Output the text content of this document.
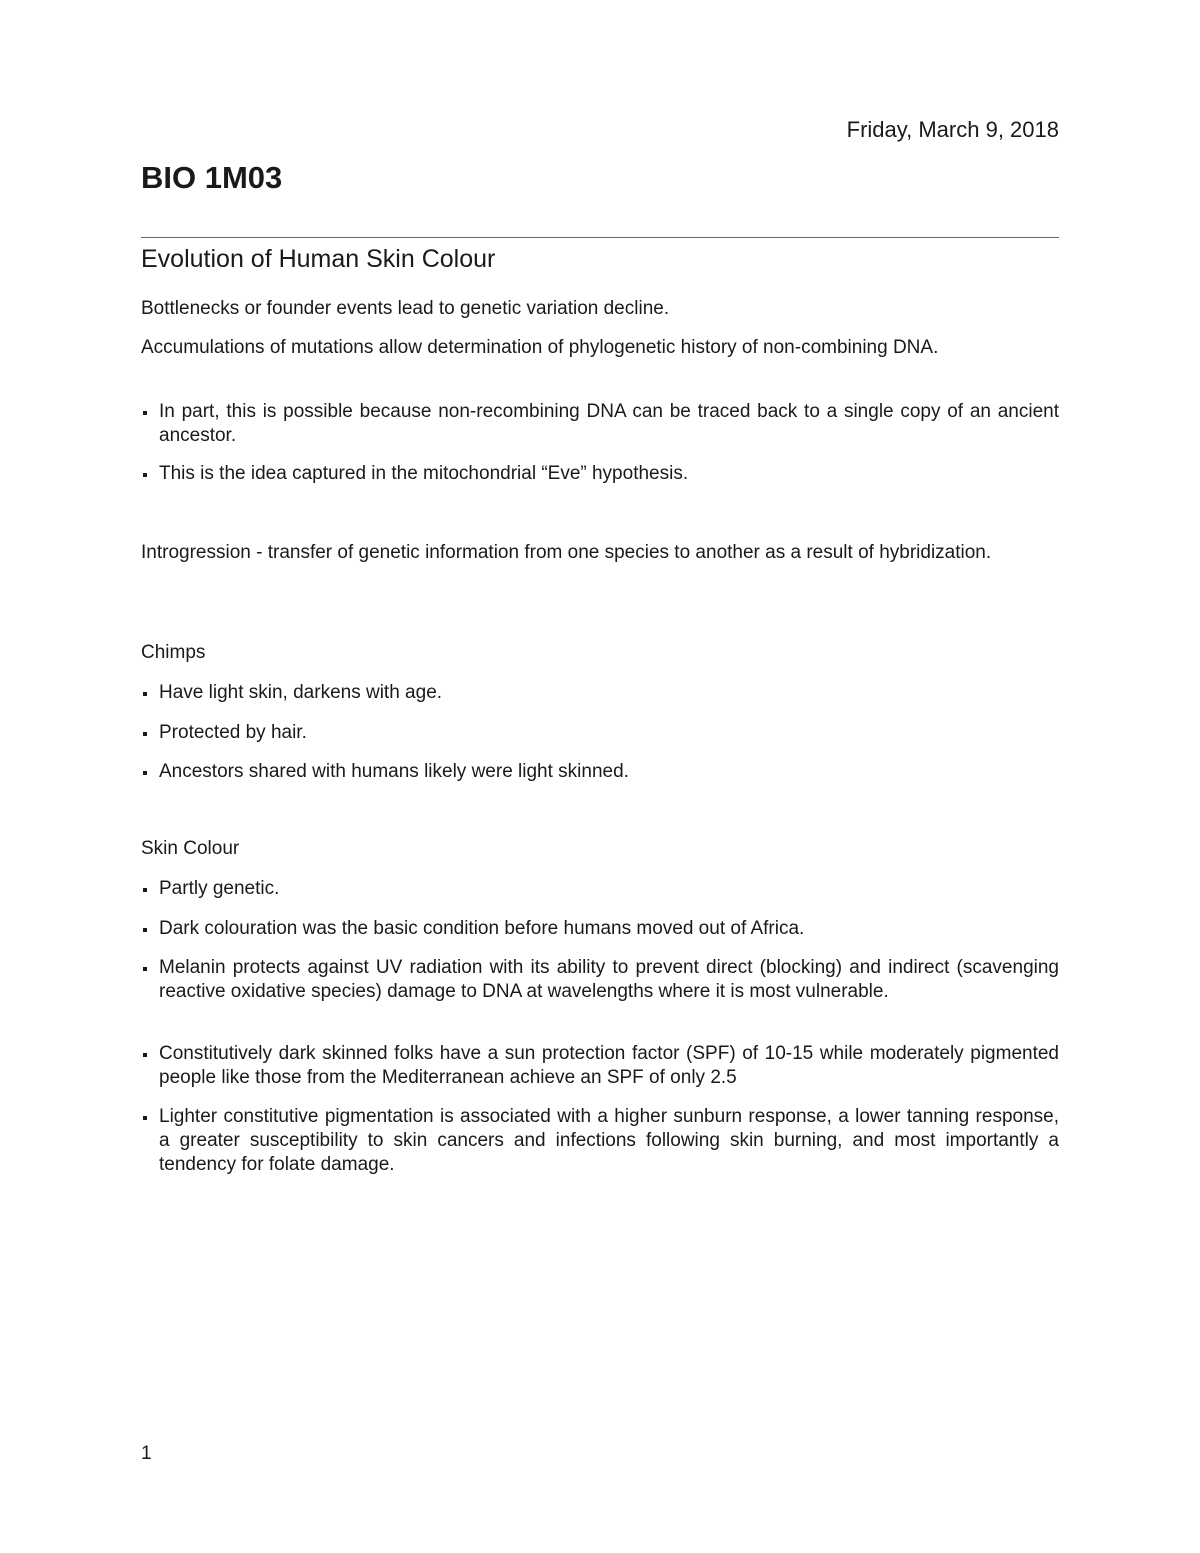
Friday, March 9, 2018
BIO 1M03
Evolution of Human Skin Colour
Bottlenecks or founder events lead to genetic variation decline.
Accumulations of mutations allow determination of phylogenetic history of non-combining DNA.
In part, this is possible because non-recombining DNA can be traced back to a single copy of an ancient ancestor.
This is the idea captured in the mitochondrial “Eve” hypothesis.
Introgression - transfer of genetic information from one species to another as a result of hybridization.
Chimps
Have light skin, darkens with age.
Protected by hair.
Ancestors shared with humans likely were light skinned.
Skin Colour
Partly genetic.
Dark colouration was the basic condition before humans moved out of Africa.
Melanin protects against UV radiation with its ability to prevent direct (blocking) and indirect (scavenging reactive oxidative species) damage to DNA at wavelengths where it is most vulnerable.
Constitutively dark skinned folks have a sun protection factor (SPF) of 10-15 while moderately pigmented people like those from the Mediterranean achieve an SPF of only 2.5
Lighter constitutive pigmentation is associated with a higher sunburn response, a lower tanning response, a greater susceptibility to skin cancers and infections following skin burning, and most importantly a tendency for folate damage.
1
